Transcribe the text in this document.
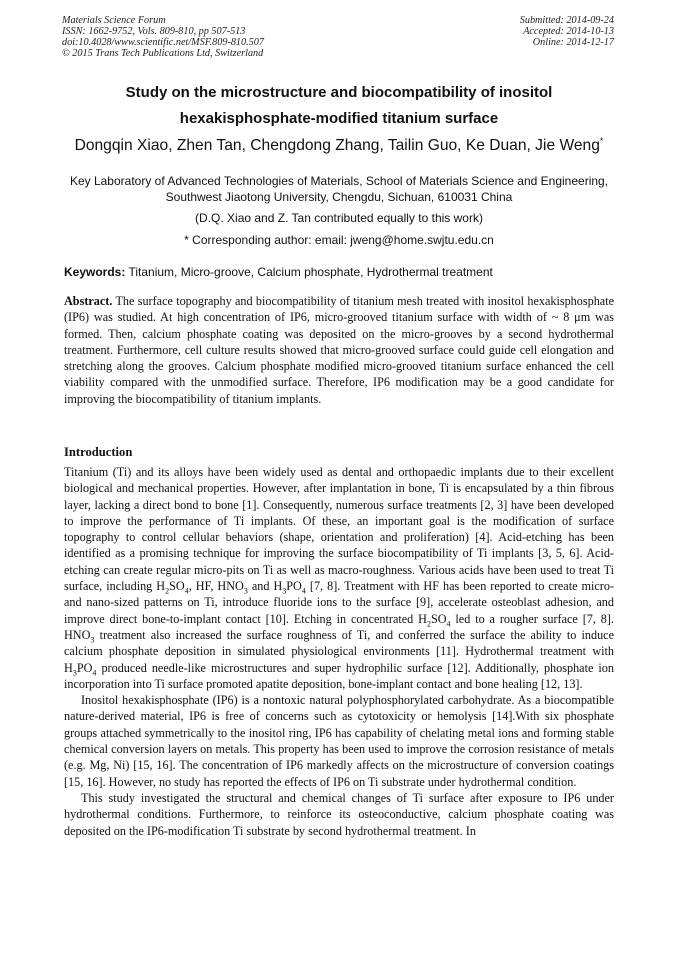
Materials Science Forum
ISSN: 1662-9752, Vols. 809-810, pp 507-513
doi:10.4028/www.scientific.net/MSF.809-810.507
© 2015 Trans Tech Publications Ltd, Switzerland
Submitted: 2014-09-24
Accepted: 2014-10-13
Online: 2014-12-17
Study on the microstructure and biocompatibility of inositol
hexakisphosphate-modified titanium surface
Dongqin Xiao, Zhen Tan, Chengdong Zhang, Tailin Guo, Ke Duan, Jie Weng*

Key Laboratory of Advanced Technologies of Materials, School of Materials Science and Engineering, Southwest Jiaotong University, Chengdu, Sichuan, 610031 China

(D.Q. Xiao and Z. Tan contributed equally to this work)

* Corresponding author: email: jweng@home.swjtu.edu.cn

Keywords: Titanium, Micro-groove, Calcium phosphate, Hydrothermal treatment
Abstract. The surface topography and biocompatibility of titanium mesh treated with inositol hexakisphosphate (IP6) was studied. At high concentration of IP6, micro-grooved titanium surface with width of ~ 8 μm was formed. Then, calcium phosphate coating was deposited on the micro-grooves by a second hydrothermal treatment. Furthermore, cell culture results showed that micro-grooved surface could guide cell elongation and stretching along the grooves. Calcium phosphate modified micro-grooved titanium surface enhanced the cell viability compared with the unmodified surface. Therefore, IP6 modification may be a good candidate for improving the biocompatibility of titanium implants.
Introduction

Titanium (Ti) and its alloys have been widely used as dental and orthopaedic implants due to their excellent biological and mechanical properties. However, after implantation in bone, Ti is encapsulated by a thin fibrous layer, lacking a direct bond to bone [1]. Consequently, numerous surface treatments [2, 3] have been developed to improve the performance of Ti implants. Of these, an important goal is the modification of surface topography to control cellular behaviors (shape, orientation and proliferation) [4]. Acid-etching has been identified as a promising technique for improving the surface biocompatibility of Ti implants [3, 5, 6]. Acid-etching can create regular micro-pits on Ti as well as macro-roughness. Various acids have been used to treat Ti surface, including $H_2SO_4$, HF, $HNO_3$ and $H_3PO_4$ [7, 8]. Treatment with HF has been reported to create micro- and nano-sized patterns on Ti, introduce fluoride ions to the surface [9], accelerate osteoblast adhesion, and improve direct bone-to-implant contact [10]. Etching in concentrated $H_2SO_4$ led to a rougher surface [7, 8]. $HNO_3$ treatment also increased the surface roughness of Ti, and conferred the surface the ability to induce calcium phosphate deposition in simulated physiological environments [11]. Hydrothermal treatment with $H_3PO_4$ produced needle-like microstructures and super hydrophilic surface [12]. Additionally, phosphate ion incorporation into Ti surface promoted apatite deposition, bone-implant contact and bone healing [12, 13].

Inositol hexakisphosphate (IP6) is a nontoxic natural polyphosphorylated carbohydrate. As a biocompatible nature-derived material, IP6 is free of concerns such as cytotoxicity or hemolysis [14].With six phosphate groups attached symmetrically to the inositol ring, IP6 has capability of chelating metal ions and forming stable chemical conversion layers on metals. This property has been used to improve the corrosion resistance of metals (e.g. Mg, Ni) [15, 16]. The concentration of IP6 markedly affects on the microstructure of conversion coatings [15, 16]. However, no study has reported the effects of IP6 on Ti substrate under hydrothermal condition.

This study investigated the structural and chemical changes of Ti surface after exposure to IP6 under hydrothermal conditions. Furthermore, to reinforce its osteoconductive, calcium phosphate coating was deposited on the IP6-modification Ti substrate by second hydrothermal treatment. In
